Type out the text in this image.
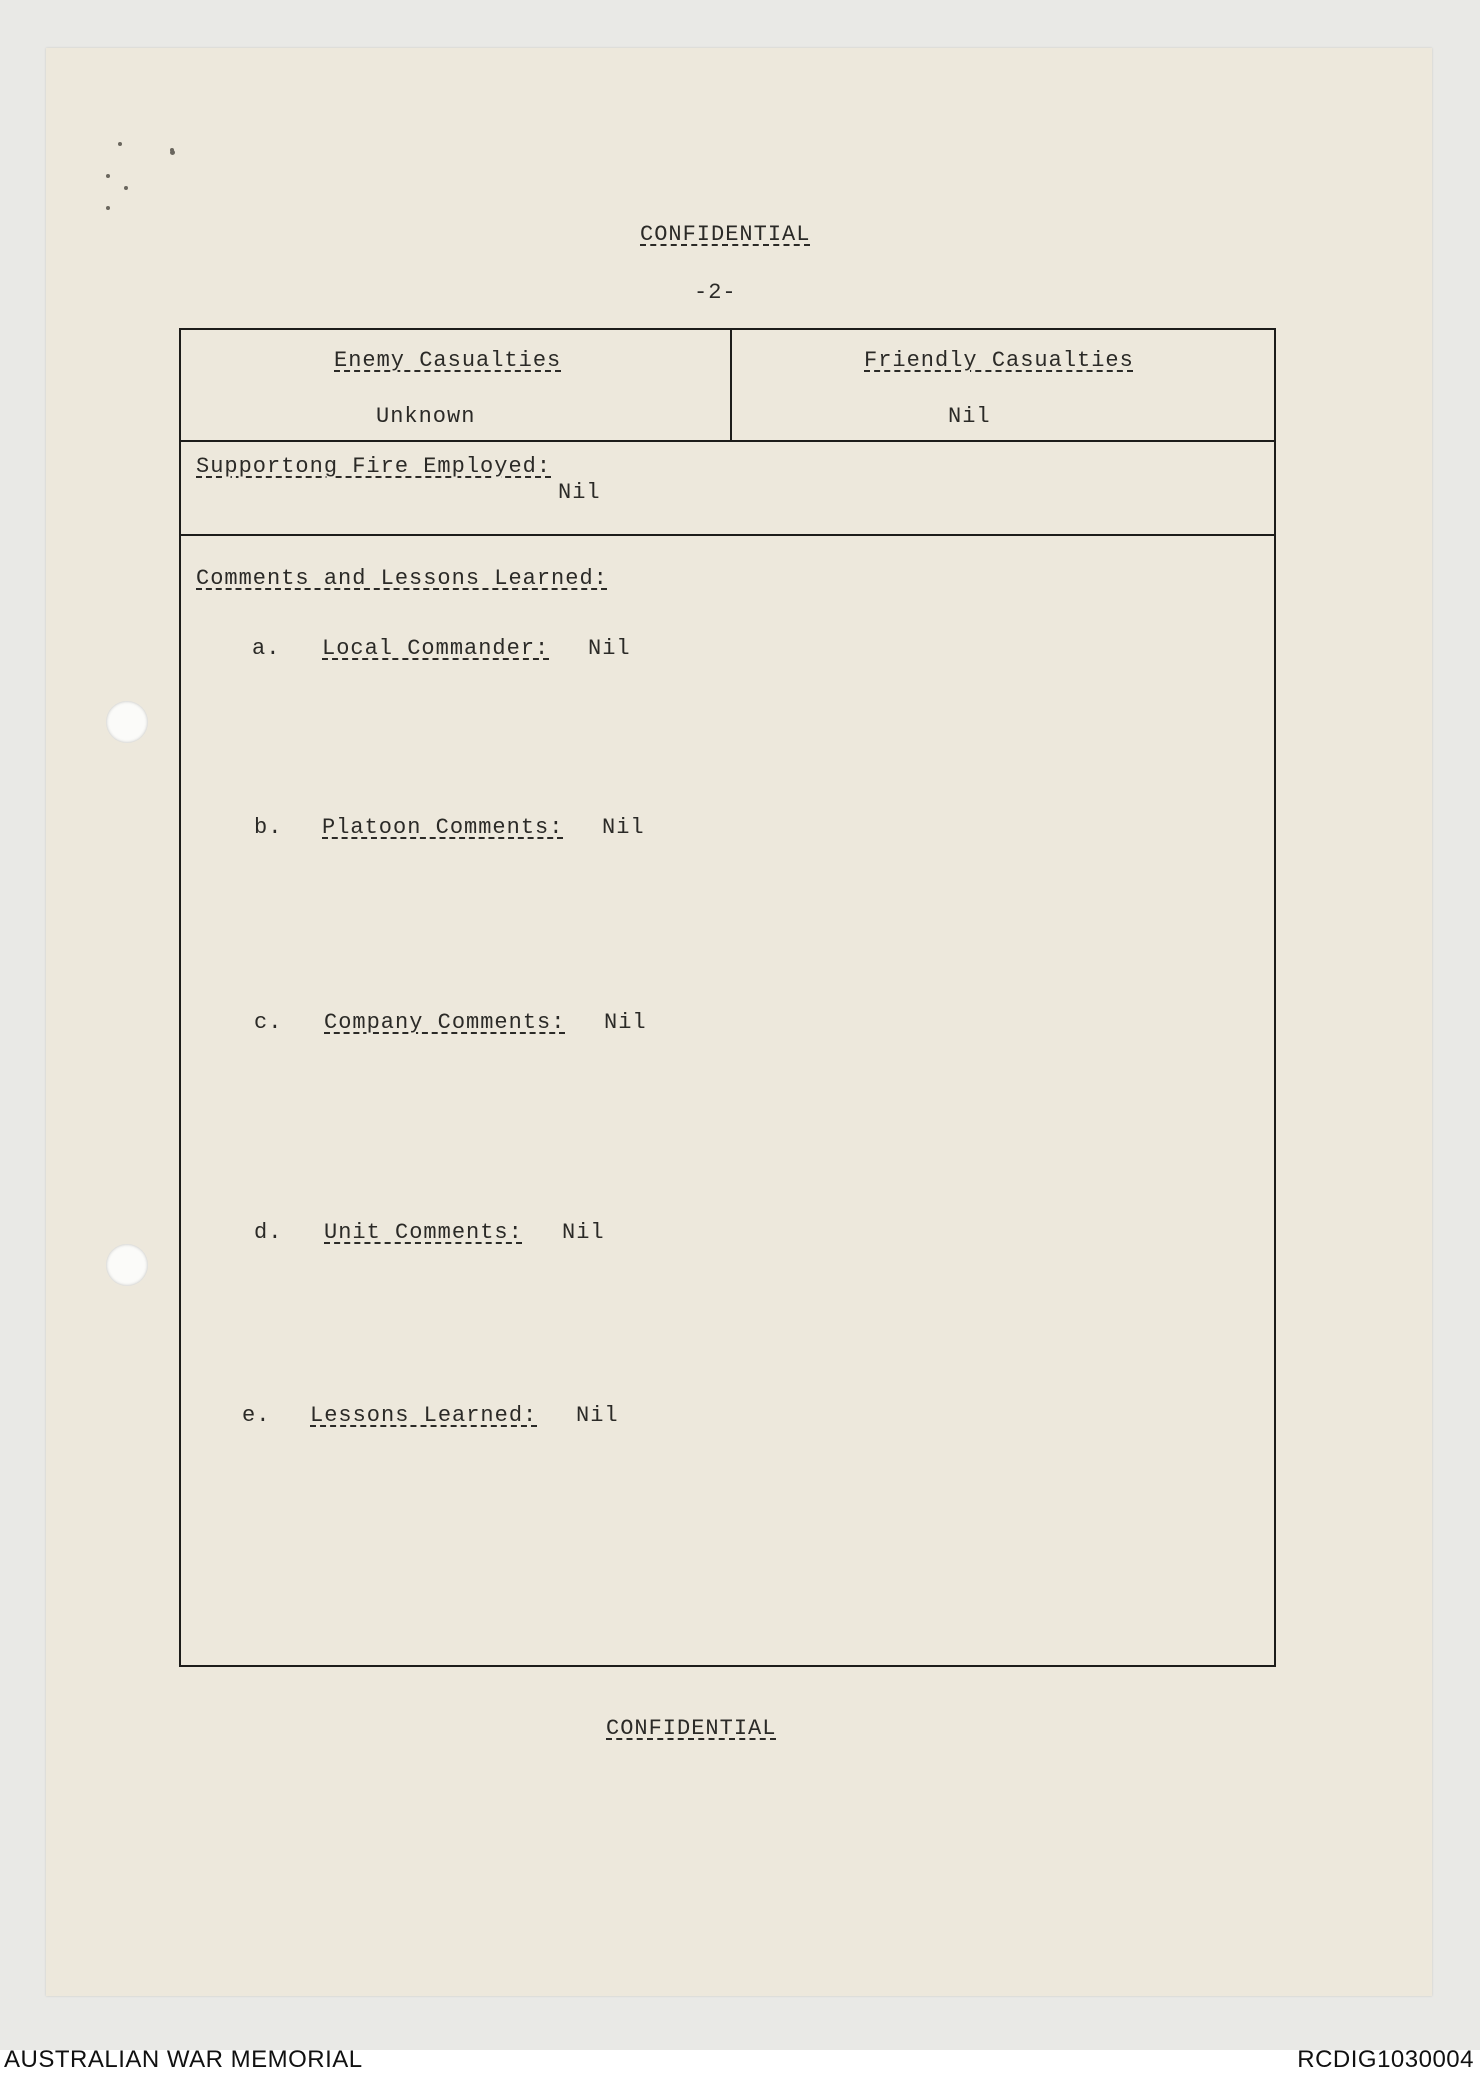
CONFIDENTIAL
-2-
Enemy Casualties
Unknown
Friendly Casualties
Nil
Supportong Fire Employed:
Nil
Comments and Lessons Learned:
a. Local Commander: Nil
b. Platoon Comments: Nil
c. Company Comments: Nil
d. Unit Comments: Nil
e. Lessons Learned: Nil
CONFIDENTIAL
AUSTRALIAN WAR MEMORIAL	RCDIG1030004
